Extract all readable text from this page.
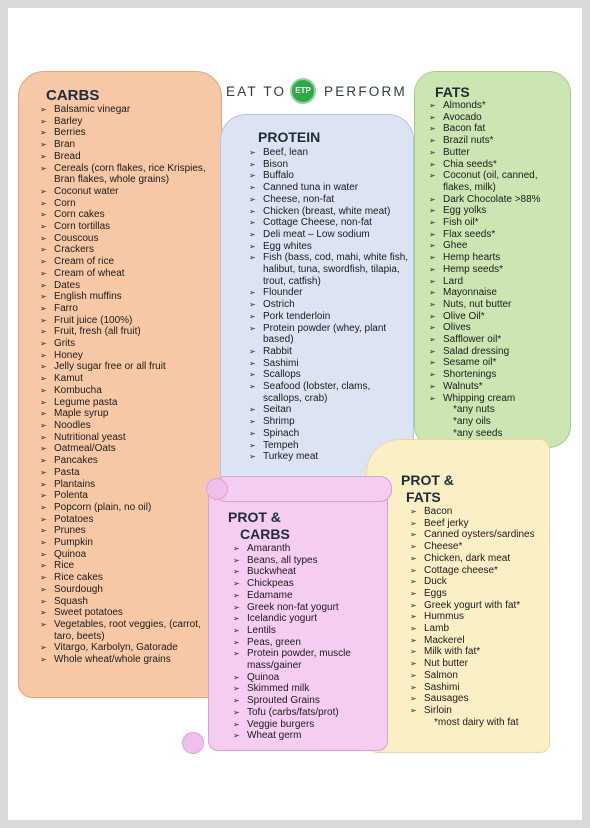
EAT TO	ETP PERFORM
CARBS
➢ Balsamic vinegar
➢ Barley
➢ Berries
➢ Bran
➢ Bread
➢ Cereals (corn flakes, rice Krispies, Bran flakes, whole grains)
➢ Coconut water
➢ Corn
➢ Corn cakes
➢ Corn tortillas
➢ Couscous
➢ Crackers
➢ Cream of rice
➢ Cream of wheat
➢ Dates
➢ English muffins
➢ Farro
➢ Fruit juice (100%)
➢ Fruit, fresh (all fruit)
➢ Grits
➢ Honey
➢ Jelly sugar free or all fruit
➢ Kamut
➢ Kombucha
➢ Legume pasta
➢ Maple syrup
➢ Noodles
➢ Nutritional yeast
➢ Oatmeal/Oats
➢ Pancakes
➢ Pasta
➢ Plantains
➢ Polenta
➢ Popcorn (plain, no oil)
➢ Potatoes
➢ Prunes
➢ Pumpkin
➢ Quinoa
➢ Rice
➢ Rice cakes
➢ Sourdough
➢ Squash
➢ Sweet potatoes
➢ Vegetables, root veggies, (carrot, taro, beets)
➢ Vitargo, Karbolyn, Gatorade
➢ Whole wheat/whole grains
FATS
➢ Almonds*
➢ Avocado
➢ Bacon fat
➢ Brazil nuts*
➢ Butter
➢ Chia seeds*
➢ Coconut (oil, canned, flakes, milk)
➢ Dark Chocolate >88%
➢ Egg yolks
➢ Fish oil*
➢ Flax seeds*
➢ Ghee
➢ Hemp hearts
➢ Hemp seeds*
➢ Lard
➢ Mayonnaise
➢ Nuts, nut butter
➢ Olive Oil*
➢ Olives
➢ Safflower oil*
➢ Salad dressing
➢ Sesame oil*
➢ Shortenings
➢ Walnuts*
➢ Whipping cream
*any nuts
*any oils
*any seeds
PROTEIN
➢ Beef, lean
➢ Bison
➢ Buffalo
➢ Canned tuna in water
➢ Cheese, non-fat
➢ Chicken (breast, white meat)
➢ Cottage Cheese, non-fat
➢ Deli meat – Low sodium
➢ Egg whites
➢ Fish (bass, cod, mahi, white fish, halibut, tuna, swordfish, tilapia, trout, catfish)
➢ Flounder
➢ Ostrich
➢ Pork tenderloin
➢ Protein powder (whey, plant based)
➢ Rabbit
➢ Sashimi
➢ Scallops
➢ Seafood (lobster, clams, scallops, crab)
➢ Seitan
➢ Shrimp
➢ Spinach
➢ Tempeh
➢ Turkey meat
PROT &
FATS
➢ Bacon
➢ Beef jerky
➢ Canned oysters/sardines
➢ Cheese*
➢ Chicken, dark meat
➢ Cottage cheese*
➢ Duck
➢ Eggs
➢ Greek yogurt with fat*
➢ Hummus
➢ Lamb
➢ Mackerel
➢ Milk with fat*
➢ Nut butter
➢ Salmon
➢ Sashimi
➢ Sausages
➢ Sirloin
*most dairy with fat
PROT &
CARBS
➢ Amaranth
➢ Beans, all types
➢ Buckwheat
➢ Chickpeas
➢ Edamame
➢ Greek non-fat yogurt
➢ Icelandic yogurt
➢ Lentils
➢ Peas, green
➢ Protein powder, muscle mass/gainer
➢ Quinoa
➢ Skimmed milk
➢ Sprouted Grains
➢ Tofu (carbs/fats/prot)
➢ Veggie burgers
➢ Wheat germ
